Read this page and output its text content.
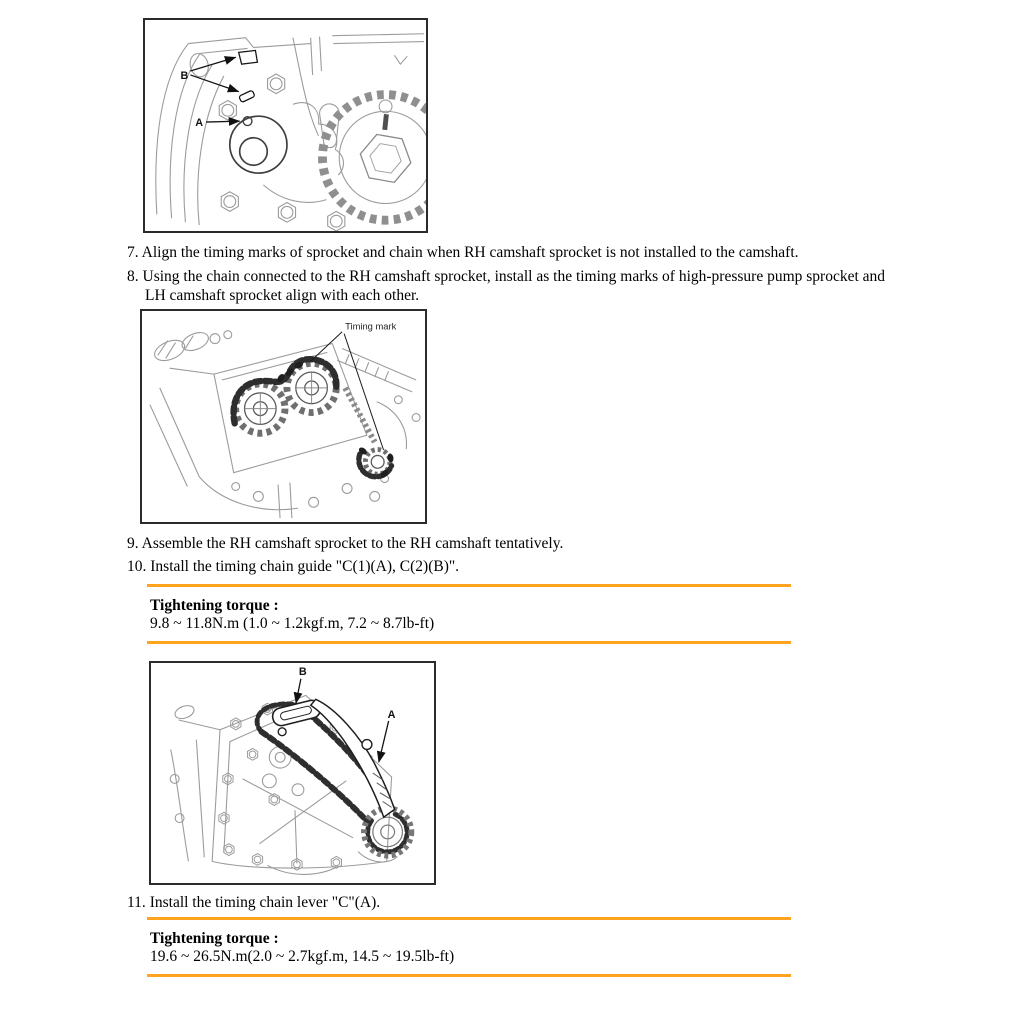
B
A

7. Align the timing marks of sprocket and chain when RH camshaft sprocket is not installed to the camshaft.

8. Using the chain connected to the RH camshaft sprocket, install as the timing marks of high-pressure pump sprocket and LH camshaft sprocket align with each other.

Timing mark

9. Assemble the RH camshaft sprocket to the RH camshaft tentatively.

10. Install the timing chain guide "C(1)(A), C(2)(B)".

Tightening torque :
9.8 ~ 11.8N.m (1.0 ~ 1.2kgf.m, 7.2 ~ 8.7lb-ft)
B
A

11. Install the timing chain lever "C"(A).

Tightening torque :
19.6 ~ 26.5N.m(2.0 ~ 2.7kgf.m, 14.5 ~ 19.5lb-ft)
